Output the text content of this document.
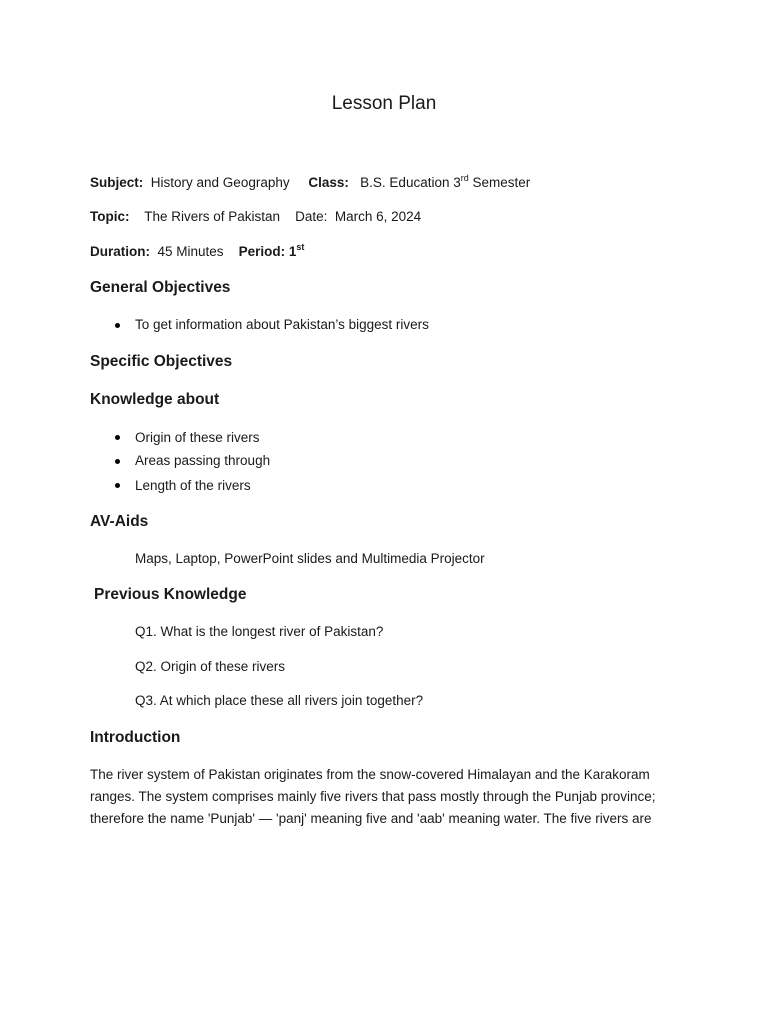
Lesson Plan
Subject: History and Geography Class: B.S. Education 3rd Semester
Topic: The Rivers of Pakistan Date: March 6, 2024
Duration: 45 Minutes Period: 1st
General Objectives
To get information about Pakistan’s biggest rivers
Specific Objectives
Knowledge about
Origin of these rivers
Areas passing through
Length of the rivers
AV-Aids
Maps, Laptop, PowerPoint slides and Multimedia Projector
Previous Knowledge
Q1. What is the longest river of Pakistan?
Q2. Origin of these rivers
Q3. At which place these all rivers join together?
Introduction
The river system of Pakistan originates from the snow-covered Himalayan and the Karakoram
ranges. The system comprises mainly five rivers that pass mostly through the Punjab province;
therefore the name 'Punjab' — 'panj' meaning five and 'aab' meaning water. The five rivers are
